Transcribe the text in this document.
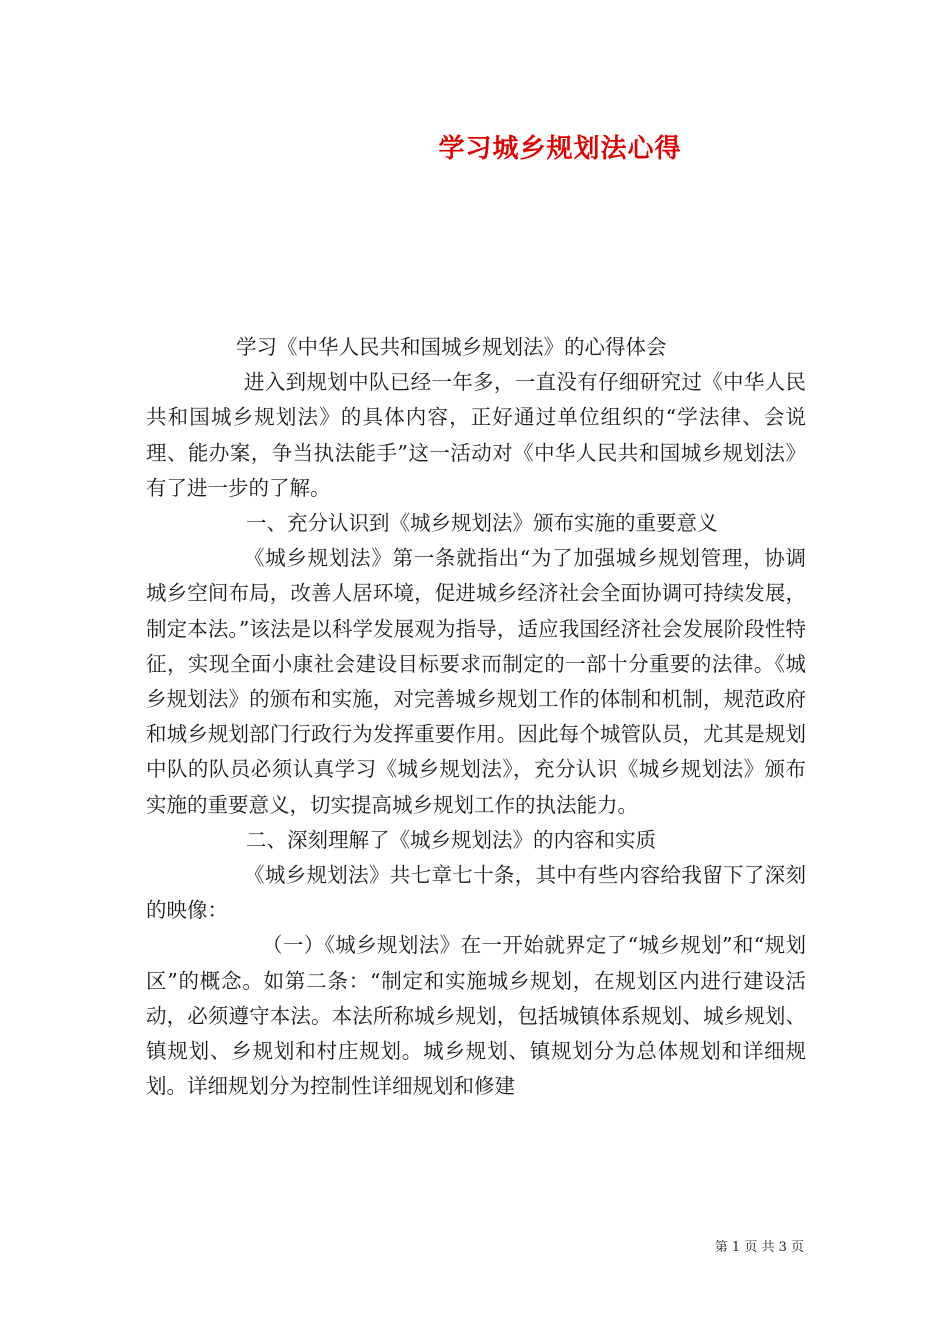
学习城乡规划法心得

学习《中华人民共和国城乡规划法》的心得体会

进入到规划中队已经一年多，一直没有仔细研究过《中华人民共和国城乡规划法》的具体内容，正好通过单位组织的“学法律、会说理、能办案，争当执法能手”这一活动对《中华人民共和国城乡规划法》有了进一步的了解。

一、充分认识到《城乡规划法》颁布实施的重要意义

《城乡规划法》第一条就指出“为了加强城乡规划管理，协调城乡空间布局，改善人居环境，促进城乡经济社会全面协调可持续发展，制定本法。”该法是以科学发展观为指导，适应我国经济社会发展阶段性特征，实现全面小康社会建设目标要求而制定的一部十分重要的法律。《城乡规划法》的颁布和实施，对完善城乡规划工作的体制和机制，规范政府和城乡规划部门行政行为发挥重要作用。因此每个城管队员，尤其是规划中队的队员必须认真学习《城乡规划法》，充分认识《城乡规划法》颁布实施的重要意义，切实提高城乡规划工作的执法能力。

二、深刻理解了《城乡规划法》的内容和实质

《城乡规划法》共七章七十条，其中有些内容给我留下了深刻的映像：

（一）《城乡规划法》在一开始就界定了“城乡规划”和“规划区”的概念。如第二条：“制定和实施城乡规划，在规划区内进行建设活动，必须遵守本法。本法所称城乡规划，包括城镇体系规划、城乡规划、镇规划、乡规划和村庄规划。城乡规划、镇规划分为总体规划和详细规划。详细规划分为控制性详细规划和修建

第 1 页 共 3 页
